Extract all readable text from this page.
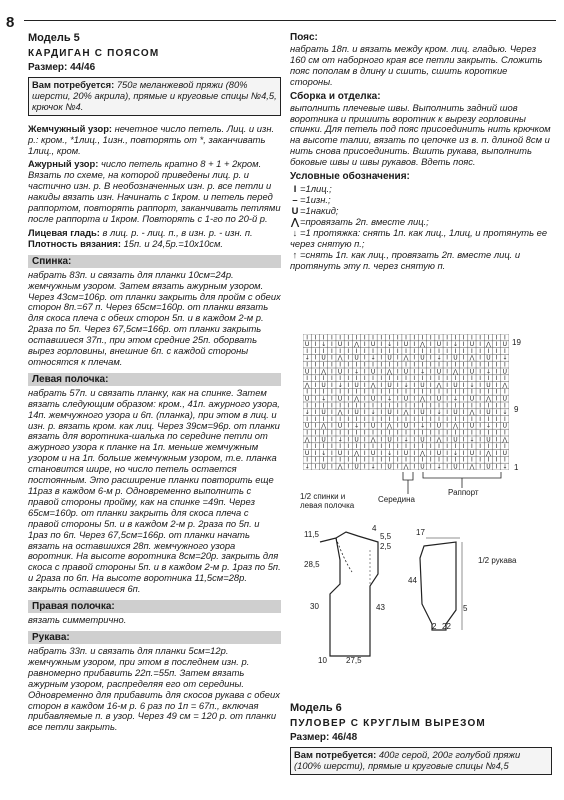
8
Модель 5
КАРДИГАН С ПОЯСОМ
Размер: 44/46
Вам потребуется: 750г меланжевой пряжи (80% шерсти, 20% акрила), прямые и круговые спицы №4,5, крючок №4.

Жемчужный узор: нечетное число петель. Лиц. и изн. р.: кром., *1лиц., 1изн., повторять от *, заканчивать 1лиц., кром.

Ажурный узор: число петель кратно 8 + 1 + 2кром. Вязать по схеме, на которой приведены лиц. р. и частично изн. р. В необозначенных изн. р. все петли и накиды вязать изн. Начинать с 1кром. и петель перед раппортом, повторять раппорт, заканчивать петлями после раппорта и 1кром. Повторять с 1-го по 20-й р.

Лицевая гладь: в лиц. р. - лиц. п., в изн. р. - изн. п.

Плотность вязания: 15п. и 24,5р.=10х10см.

Спинка:

набрать 83п. и связать для планки 10см=24р. жемчужным узором. Затем вязать ажурным узором. Через 43см=106р. от планки закрыть для пройм с обеих сторон 8п.=67 п. Через 65см=160р. от планки вязать для скоса плеча с обеих сторон 5п. и в каждом 2-м р. 2раза по 5п. Через 67,5см=166р. от планки закрыть оставшиеся 37п., при этом средние 25п. оборвать вырез горловины, внешние 6п. с каждой стороны относятся к плечам.

Левая полочка:

набрать 57п. и связать планку, как на спинке. Затем вязать следующим образом: кром., 41п. ажурного узора, 14п. жемчужного узора и 6п. (планка), при этом в лиц. и изн. р. вязать кром. как лиц. Через 39см=96р. от планки вязать для воротника-шалька по середине петли от ажурного узора к планке на 1п. меньше жемчужным узором и на 1п. больше жемчужным узором, т.е. планка становится шире, но число петель остается постоянным. Это расширение планки повторить еще 11раз в каждом 6-м р. Одновременно выполнить с правой стороны пройму, как на спинке =49п. Через 65см=160р. от планки закрыть для скоса плеча с правой стороны 5п. и в каждом 2-м р. 2раза по 5п. и 1раз по 6п. Через 67,5см=166р. от планки начать вязать на оставшихся 28п. жемчужного узора воротник. На высоте воротника 8см=20р. закрыть для скоса с правой стороны 5п. и в каждом 2-м р. 1раз по 5п. и 2раза по 6п. На высоте воротника 11,5см=28р. закрыть оставшиеся 6п.

Правая полочка:

вязать симметрично.

Рукава:

набрать 33п. и связать для планки 5см=12р. жемчужным узором, при этом в последнем изн. р. равномерно прибавить 22п.=55п. Затем вязать ажурным узором, распределяя его от середины. Одновременно для прибавить для скосов рукава с обеих сторон в каждом 16-м р. 6 раз по 1п = 67п., включая прибавляемые п. в узор. Через 49 см = 120 р. от планки все петли закрыть.

Пояс:

набрать 18п. и вязать между кром. лиц. гладью. Через 160 см от наборного края все петли закрыть. Сложить пояс пополам в длину и сшить, сшить короткие стороны.

Сборка и отделка:

выполнить плечевые швы. Выполнить задний шов воротника и пришить воротник к вырезу горловины спинки. Для петель под пояс присоединить нить крючком на высоте талии, вязать по цепочке из в. п. длиной 8см и нить снова присоединить. Вшить рукава, выполнить боковые швы и швы рукавов. Вдеть пояс.

Условные обозначения:
I =1лиц.;
– =1изн.;
U =1накид;
⋀=провязать 2п. вместе лиц.;
↓ =1 протяжка: снять 1п. как лиц., 1лиц, и протянуть ее через снятую п.;
↑ =снять 1п. как лиц., провязать 2п. вместе лиц. и протянуть эту п. через снятую п.
I I I I I I I I I I I I I I I I I I I I I I I I I
U I ↓ I U I ⋀ I U I ↓ I U I ⋀ I U I ↓ I U I ⋀ I U
I I I I I I I I I I I I I I I I I I I I I I I I I
↓ I U I ⋀ I U I ↓ I U I ⋀ I U I ↓ I U I ⋀ I U I ↓
I I I I I I I I I I I I I I I I I I I I I I I I I
U I ⋀ I U I ↓ I U I ⋀ I U I ↓ I U I ⋀ I U I ↓ I U
I I I I I I I I I I I I I I I I I I I I I I I I I
⋀ I U I ↓ I U I ⋀ I U I ↓ I U I ⋀ I U I ↓ I U I ⋀
I I I I I I I I I I I I I I I I I I I I I I I I I
U I ↓ I U I ⋀ I U I ↓ I U I ⋀ I U I ↓ I U I ⋀ I U
I I I I I I I I I I I I I I I I I I I I I I I I I
↓ I U I ⋀ I U I ↓ I U I ⋀ I U I ↓ I U I ⋀ I U I ↓
I I I I I I I I I I I I I I I I I I I I I I I I I
U I ⋀ I U I ↓ I U I ⋀ I U I ↓ I U I ⋀ I U I ↓ I U
I I I I I I I I I I I I I I I I I I I I I I I I I
⋀ I U I ↓ I U I ⋀ I U I ↓ I U I ⋀ I U I ↓ I U I ⋀
I I I I I I I I I I I I I I I I I I I I I I I I I
U I ↓ I U I ⋀ I U I ↓ I U I ⋀ I U I ↓ I U I ⋀ I U
I I I I I I I I I I I I I I I I I I I I I I I I I
↓ I U I ⋀ I U I ↓ I U I ⋀ I U I ↓ I U I ⋀ I U I ↓
19
9
1
Середина
Раппорт
1/2 спинки и левая полочка
1/2 рукава
11,5
28,5
30	43
10 27,5
4
5,5
2,5
17
44
5
22
2
Модель 6
ПУЛОВЕР С КРУГЛЫМ ВЫРЕЗОМ
Размер: 46/48
Вам потребуется: 400г серой, 200г голубой пряжи (100% шерсти), прямые и круговые спицы №4,5
